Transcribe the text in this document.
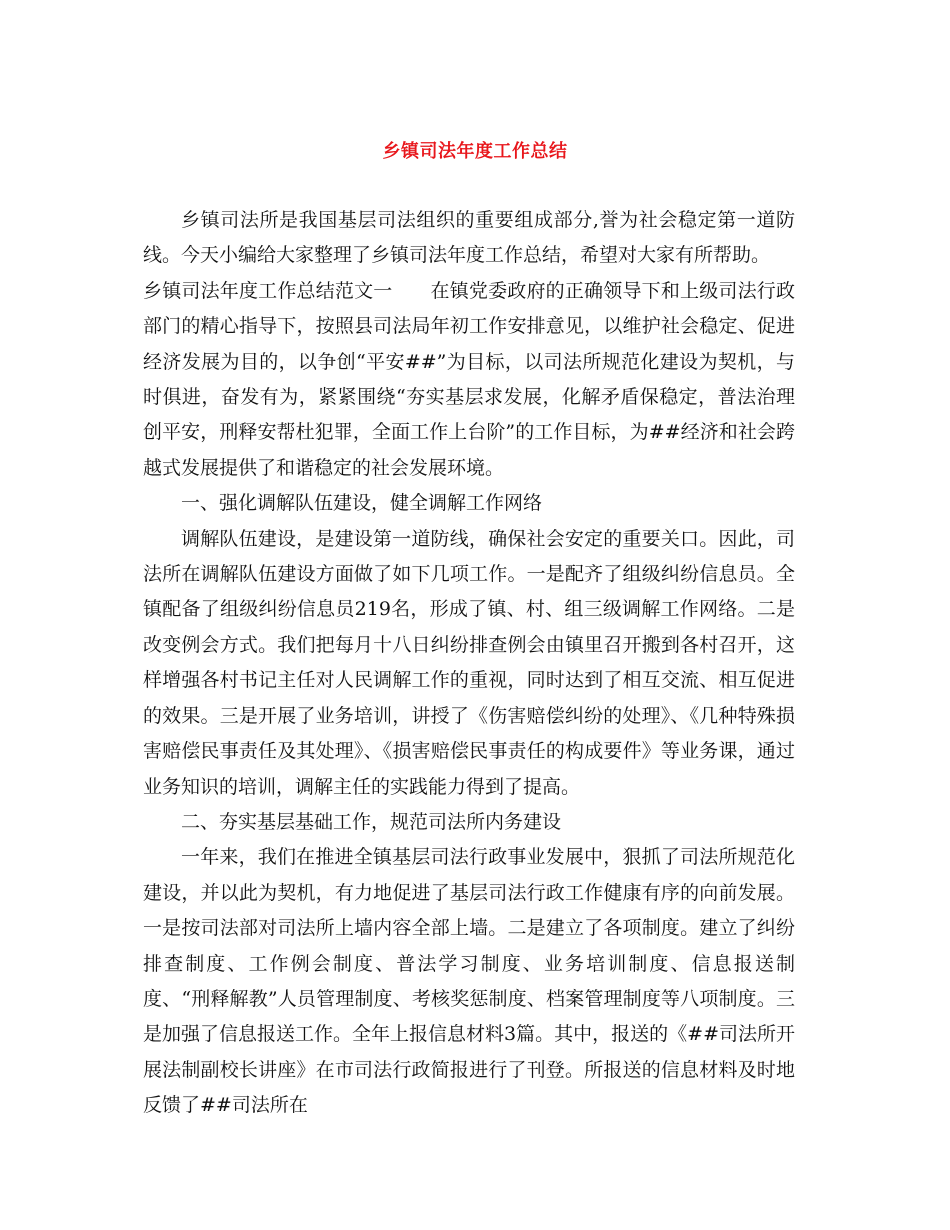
乡镇司法年度工作总结

乡镇司法所是我国基层司法组织的重要组成部分,誉为社会稳定第一道防线。今天小编给大家整理了乡镇司法年度工作总结，希望对大家有所帮助。

乡镇司法年度工作总结范文一 在镇党委政府的正确领导下和上级司法行政部门的精心指导下，按照县司法局年初工作安排意见，以维护社会稳定、促进经济发展为目的，以争创“平安##”为目标，以司法所规范化建设为契机，与时俱进，奋发有为，紧紧围绕“夯实基层求发展，化解矛盾保稳定，普法治理创平安，刑释安帮杜犯罪，全面工作上台阶”的工作目标，为##经济和社会跨越式发展提供了和谐稳定的社会发展环境。

一、强化调解队伍建设，健全调解工作网络

调解队伍建设，是建设第一道防线，确保社会安定的重要关口。因此，司法所在调解队伍建设方面做了如下几项工作。一是配齐了组级纠纷信息员。全镇配备了组级纠纷信息员219名，形成了镇、村、组三级调解工作网络。二是改变例会方式。我们把每月十八日纠纷排查例会由镇里召开搬到各村召开，这样增强各村书记主任对人民调解工作的重视，同时达到了相互交流、相互促进的效果。三是开展了业务培训，讲授了《伤害赔偿纠纷的处理》、《几种特殊损害赔偿民事责任及其处理》、《损害赔偿民事责任的构成要件》等业务课，通过业务知识的培训，调解主任的实践能力得到了提高。

二、夯实基层基础工作，规范司法所内务建设

一年来，我们在推进全镇基层司法行政事业发展中，狠抓了司法所规范化建设，并以此为契机，有力地促进了基层司法行政工作健康有序的向前发展。一是按司法部对司法所上墙内容全部上墙。二是建立了各项制度。建立了纠纷排查制度、工作例会制度、普法学习制度、业务培训制度、信息报送制度、“刑释解教”人员管理制度、考核奖惩制度、档案管理制度等八项制度。三是加强了信息报送工作。全年上报信息材料3篇。其中，报送的《##司法所开展法制副校长讲座》在市司法行政简报进行了刊登。所报送的信息材料及时地反馈了##司法所在
